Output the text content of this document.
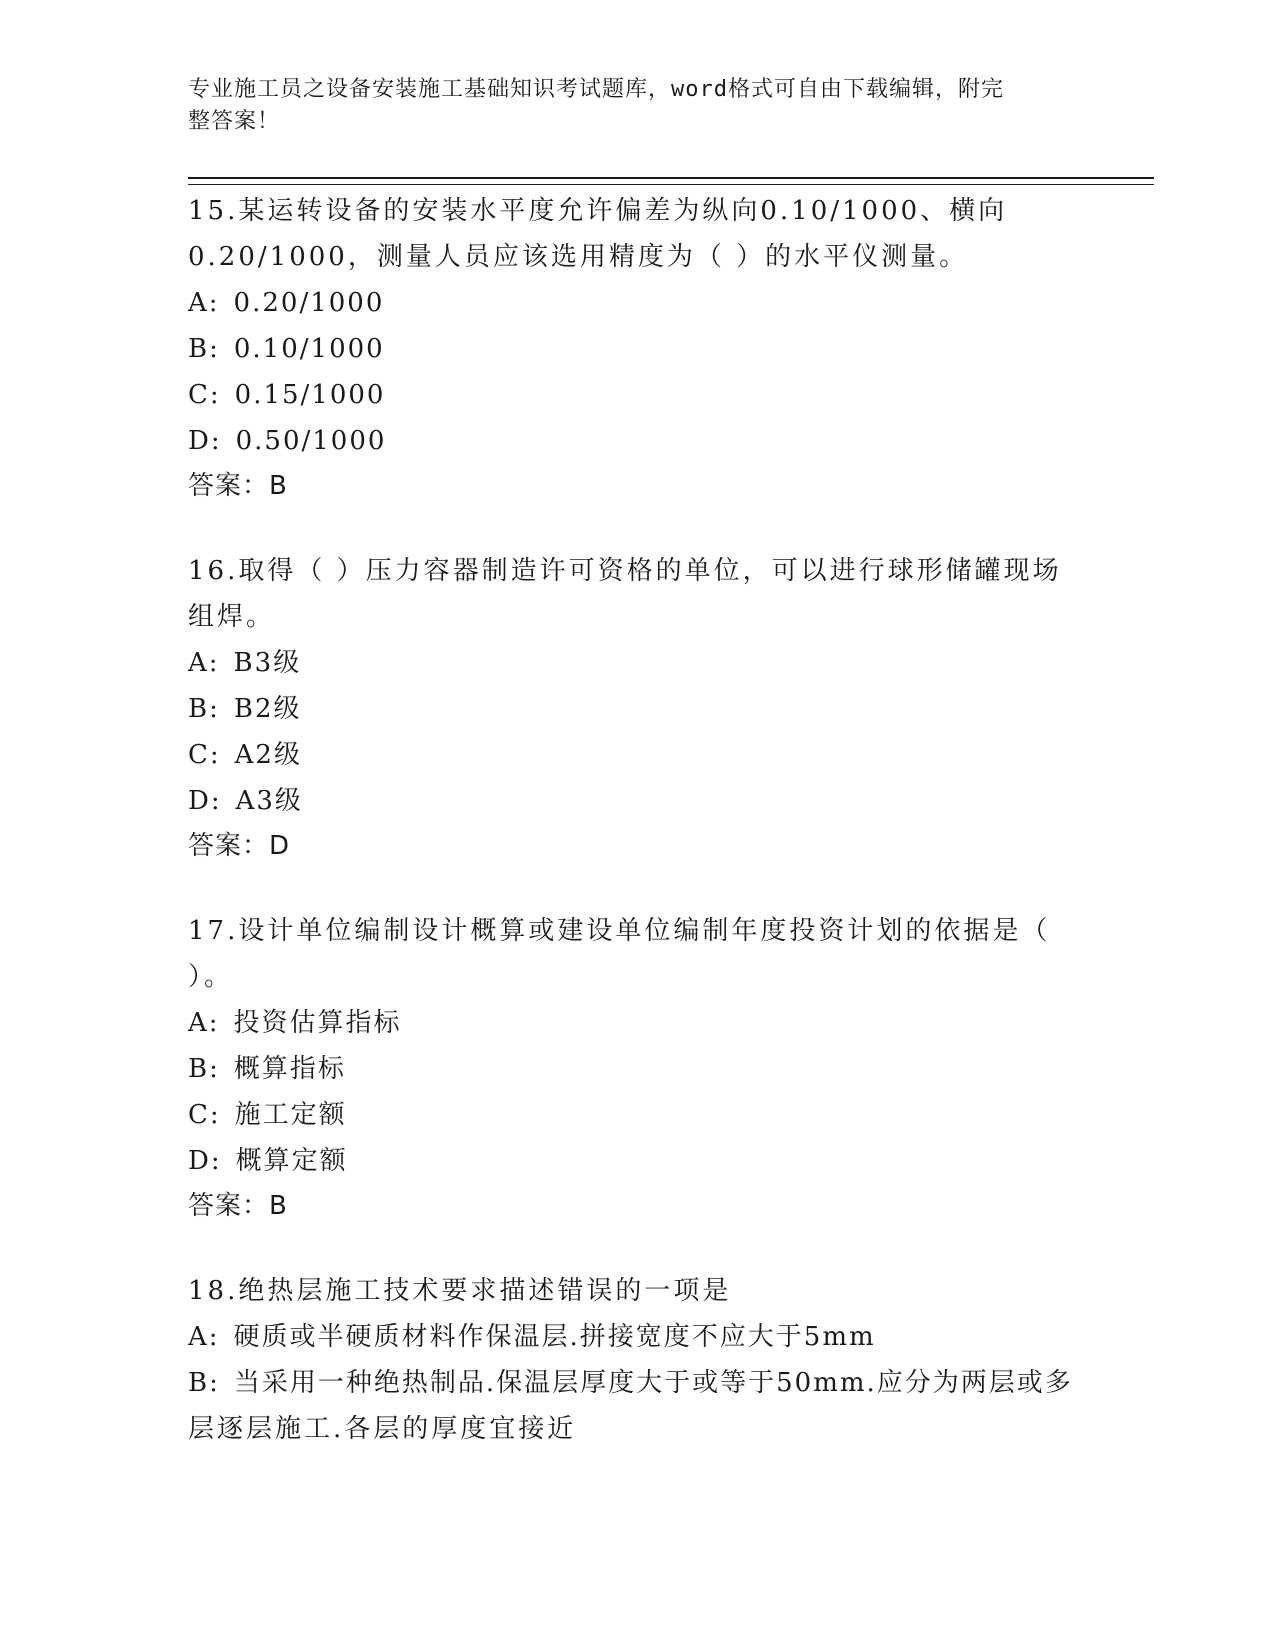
专业施工员之设备安装施工基础知识考试题库，word格式可自由下载编辑，附完
整答案！

15.某运转设备的安装水平度允许偏差为纵向0.10/1000、横向

0.20/1000，测量人员应该选用精度为（ ）的水平仪测量。

A: 0.20/1000

B: 0.10/1000

C: 0.15/1000

D: 0.50/1000

答案：B

16.取得（ ）压力容器制造许可资格的单位，可以进行球形储罐现场

组焊。

A: B3级

B: B2级

C: A2级

D: A3级

答案：D

17.设计单位编制设计概算或建设单位编制年度投资计划的依据是（

）。

A: 投资估算指标

B: 概算指标

C: 施工定额

D: 概算定额

答案：B

18.绝热层施工技术要求描述错误的一项是

A: 硬质或半硬质材料作保温层.拼接宽度不应大于5mm

B: 当采用一种绝热制品.保温层厚度大于或等于50mm.应分为两层或多

层逐层施工.各层的厚度宜接近
